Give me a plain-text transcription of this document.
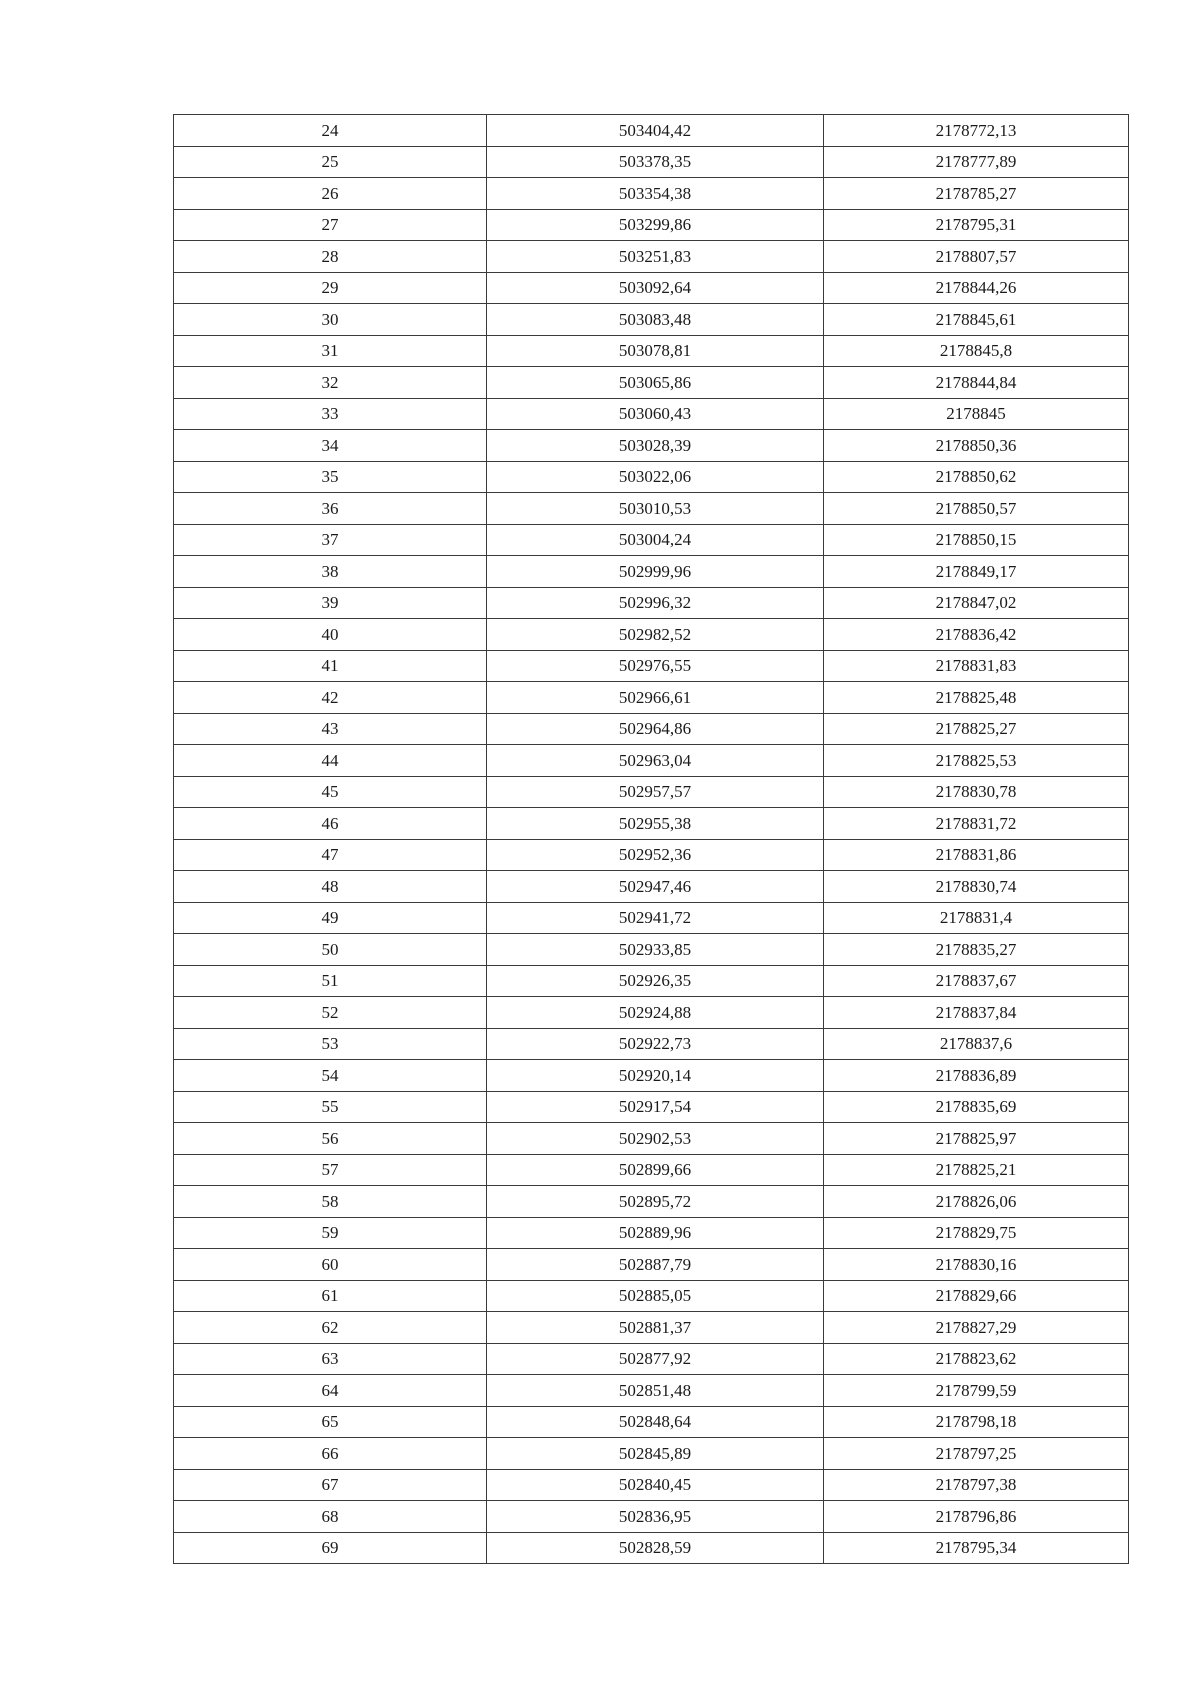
24	503404,42	2178772,13
25	503378,35	2178777,89
26	503354,38	2178785,27
27	503299,86	2178795,31
28	503251,83	2178807,57
29	503092,64	2178844,26
30	503083,48	2178845,61
31	503078,81	2178845,8
32	503065,86	2178844,84
33	503060,43	2178845
34	503028,39	2178850,36
35	503022,06	2178850,62
36	503010,53	2178850,57
37	503004,24	2178850,15
38	502999,96	2178849,17
39	502996,32	2178847,02
40	502982,52	2178836,42
41	502976,55	2178831,83
42	502966,61	2178825,48
43	502964,86	2178825,27
44	502963,04	2178825,53
45	502957,57	2178830,78
46	502955,38	2178831,72
47	502952,36	2178831,86
48	502947,46	2178830,74
49	502941,72	2178831,4
50	502933,85	2178835,27
51	502926,35	2178837,67
52	502924,88	2178837,84
53	502922,73	2178837,6
54	502920,14	2178836,89
55	502917,54	2178835,69
56	502902,53	2178825,97
57	502899,66	2178825,21
58	502895,72	2178826,06
59	502889,96	2178829,75
60	502887,79	2178830,16
61	502885,05	2178829,66
62	502881,37	2178827,29
63	502877,92	2178823,62
64	502851,48	2178799,59
65	502848,64	2178798,18
66	502845,89	2178797,25
67	502840,45	2178797,38
68	502836,95	2178796,86
69	502828,59	2178795,34
